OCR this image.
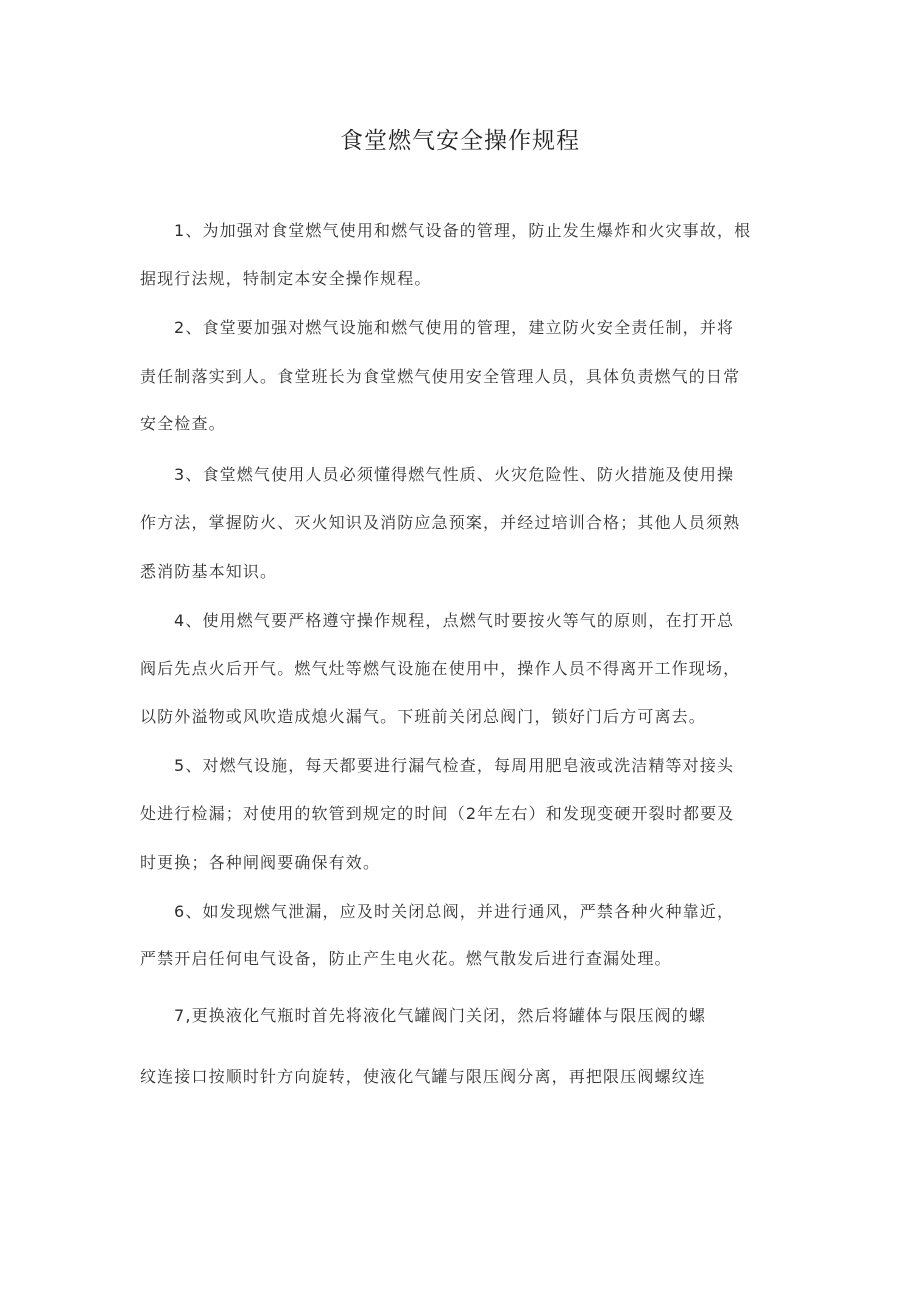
食堂燃气安全操作规程
1、为加强对食堂燃气使用和燃气设备的管理，防止发生爆炸和火灾事故，根
据现行法规，特制定本安全操作规程。
2、食堂要加强对燃气设施和燃气使用的管理，建立防火安全责任制，并将
责任制落实到人。食堂班长为食堂燃气使用安全管理人员，具体负责燃气的日常
安全检查。
3、食堂燃气使用人员必须懂得燃气性质、火灾危险性、防火措施及使用操
作方法，掌握防火、灭火知识及消防应急预案，并经过培训合格；其他人员须熟
悉消防基本知识。
4、使用燃气要严格遵守操作规程，点燃气时要按火等气的原则，在打开总
阀后先点火后开气。燃气灶等燃气设施在使用中，操作人员不得离开工作现场，
以防外溢物或风吹造成熄火漏气。下班前关闭总阀门，锁好门后方可离去。
5、对燃气设施，每天都要进行漏气检查，每周用肥皂液或洗洁精等对接头
处进行检漏；对使用的软管到规定的时间（2年左右）和发现变硬开裂时都要及
时更换；各种闸阀要确保有效。
6、如发现燃气泄漏，应及时关闭总阀，并进行通风，严禁各种火种靠近，
严禁开启任何电气设备，防止产生电火花。燃气散发后进行查漏处理。
7,更换液化气瓶时首先将液化气罐阀门关闭，然后将罐体与限压阀的螺
纹连接口按顺时针方向旋转，使液化气罐与限压阀分离，再把限压阀螺纹连
